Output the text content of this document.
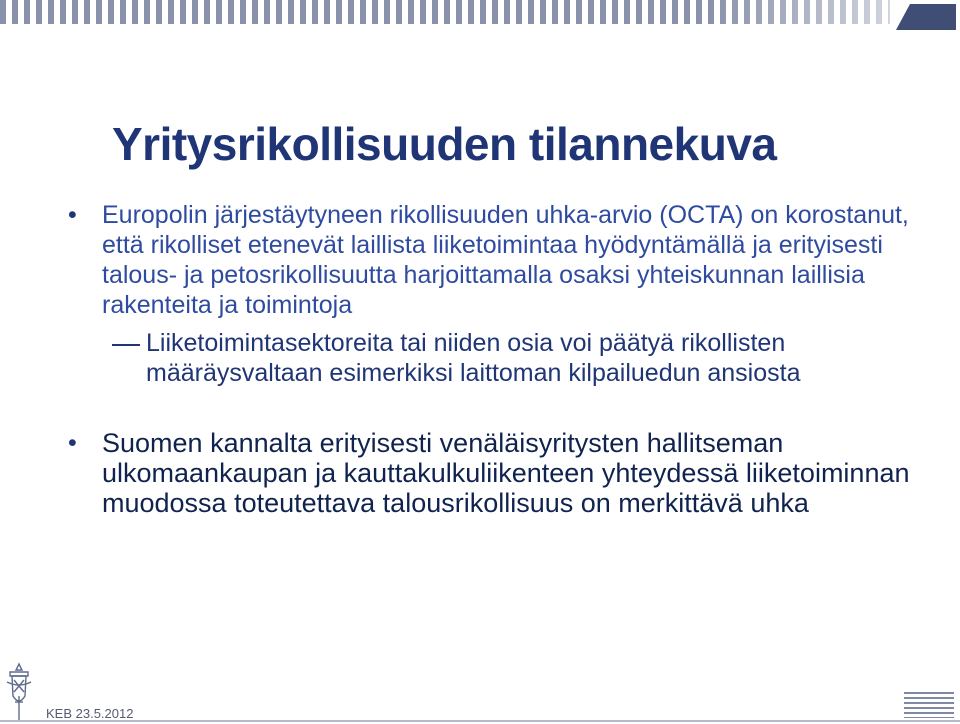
Yritysrikollisuuden tilannekuva

• Europolin järjestäytyneen rikollisuuden uhka-arvio (OCTA) on korostanut, että rikolliset etenevät laillista liiketoimintaa hyödyntämällä ja erityisesti talous- ja petosrikollisuutta harjoittamalla osaksi yhteiskunnan laillisia rakenteita ja toimintoja

Liiketoimintasektoreita tai niiden osia voi päätyä rikollisten määräysvaltaan esimerkiksi laittoman kilpailuedun ansiosta

• Suomen kannalta erityisesti venäläisyritysten hallitseman ulkomaankaupan ja kauttakulkuliikenteen yhteydessä liiketoiminnan muodossa toteutettava talousrikollisuus on merkittävä uhka

KEB 23.5.2012
